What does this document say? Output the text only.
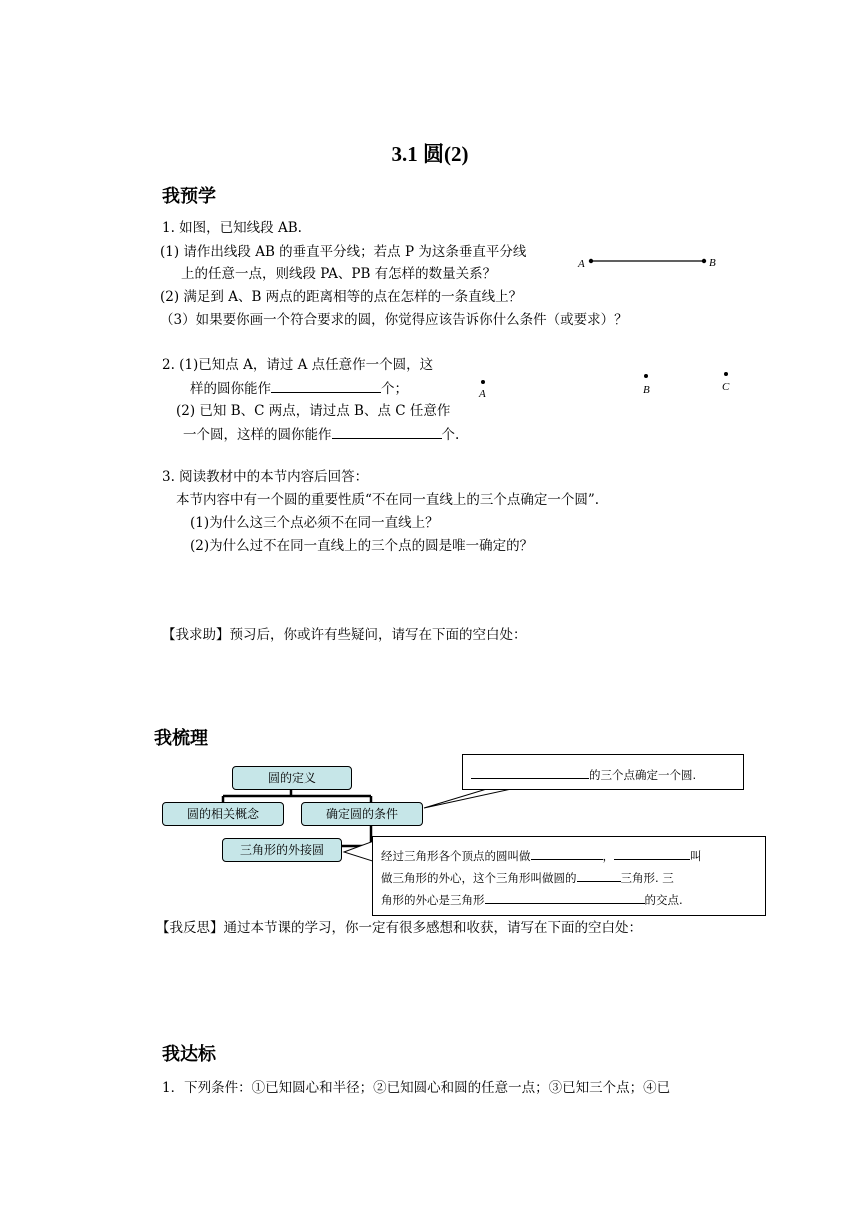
3.1 圆(2)
我预学
1. 如图，已知线段 AB.
(1) 请作出线段 AB 的垂直平分线；若点 P 为这条垂直平分线
上的任意一点，则线段 PA、PB 有怎样的数量关系？
(2) 满足到 A、B 两点的距离相等的点在怎样的一条直线上？
（3）如果要你画一个符合要求的圆，你觉得应该告诉你什么条件（或要求）？
A	B
2. (1)已知点 A，请过 A 点任意作一个圆，这
样的圆你能作	个；
(2) 已知 B、C 两点，请过点 B、点 C 任意作
一个圆，这样的圆你能作	个.
A	B	C
3. 阅读教材中的本节内容后回答：
本节内容中有一个圆的重要性质“不在同一直线上的三个点确定一个圆”.
(1)为什么这三个点必须不在同一直线上？
(2)为什么过不在同一直线上的三个点的圆是唯一确定的？
【我求助】预习后，你或许有些疑问，请写在下面的空白处：
我梳理
圆的定义
圆的相关概念	确定圆的条件
三角形的外接圆
的三个点确定一个圆.
经过三角形各个顶点的圆叫做	，	叫
做三角形的外心，这个三角形叫做圆的	三角形. 三
角形的外心是三角形	的交点.
【我反思】通过本节课的学习，你一定有很多感想和收获，请写在下面的空白处：
我达标
1．下列条件：①已知圆心和半径；②已知圆心和圆的任意一点；③已知三个点；④已
